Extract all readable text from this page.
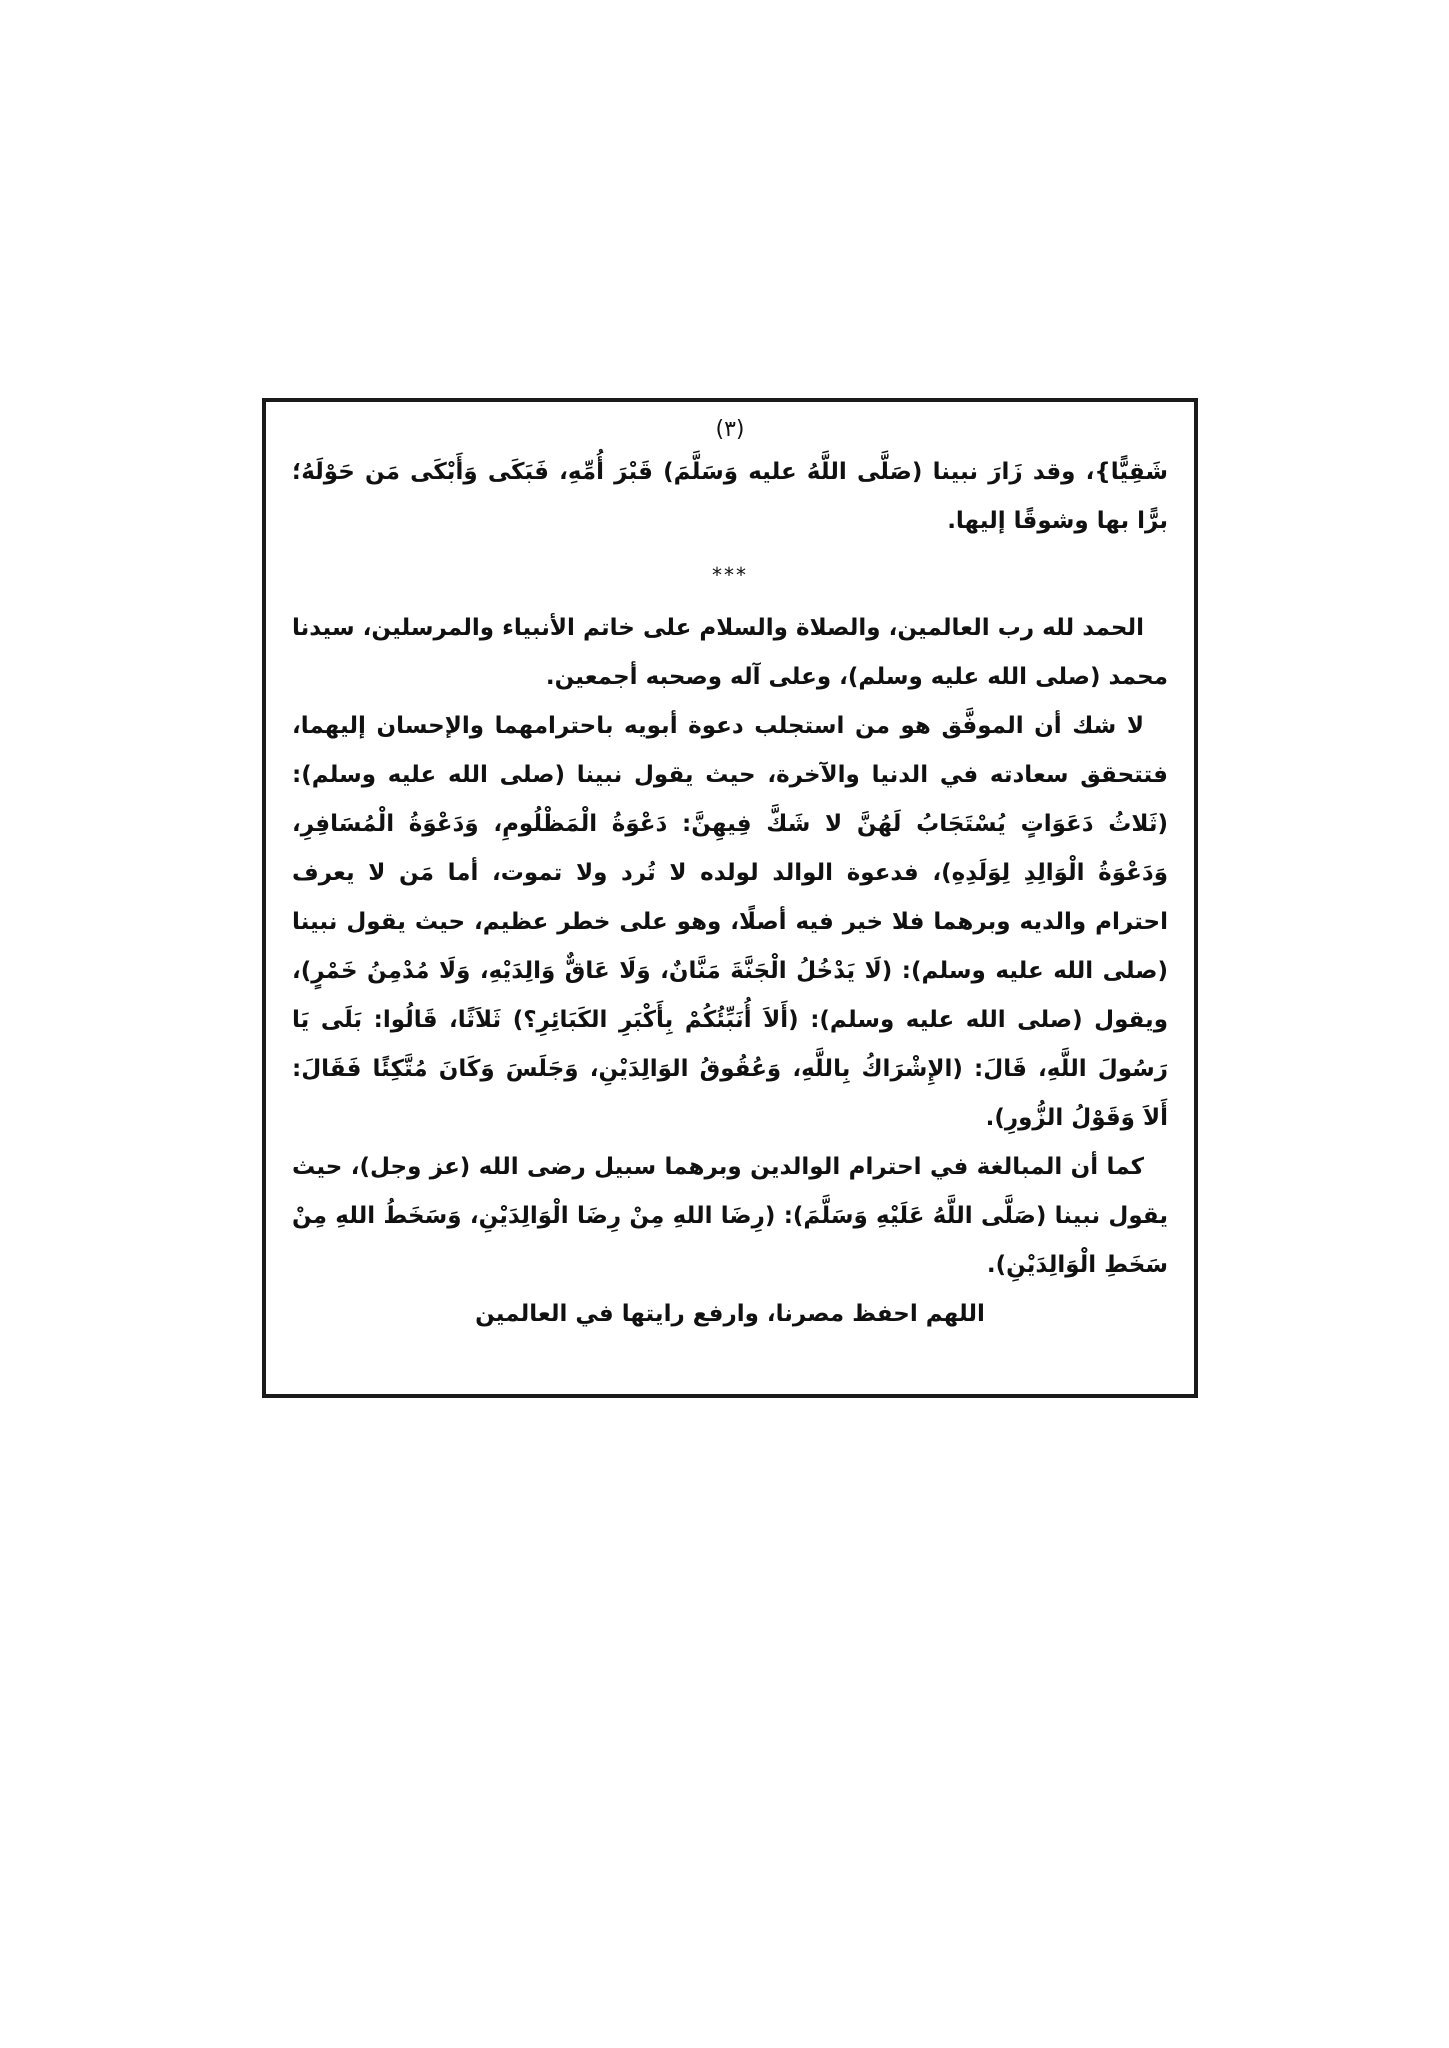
(٣)

شَقِيًّا}، وقد زَارَ نبينا (صَلَّى اللَّهُ عليه وَسَلَّمَ) قَبْرَ أُمِّهِ، فَبَكَى وَأَبْكَى مَن حَوْلَهُ؛ برًّا بها وشوقًا إليها.

***

الحمد لله رب العالمين، والصلاة والسلام على خاتم الأنبياء والمرسلين، سيدنا محمد (صلى الله عليه وسلم)، وعلى آله وصحبه أجمعين.

لا شك أن الموفَّق هو من استجلب دعوة أبويه باحترامهما والإحسان إليهما، فتتحقق سعادته في الدنيا والآخرة، حيث يقول نبينا (صلى الله عليه وسلم): (ثَلاثُ دَعَوَاتٍ يُسْتَجَابُ لَهُنَّ لا شَكَّ فِيهِنَّ: دَعْوَةُ الْمَظْلُومِ، وَدَعْوَةُ الْمُسَافِرِ، وَدَعْوَةُ الْوَالِدِ لِوَلَدِهِ)، فدعوة الوالد لولده لا تُرد ولا تموت، أما مَن لا يعرف احترام والديه وبرهما فلا خير فيه أصلًا، وهو على خطر عظيم، حيث يقول نبينا (صلى الله عليه وسلم): (لَا يَدْخُلُ الْجَنَّةَ مَنَّانٌ، وَلَا عَاقٌّ وَالِدَيْهِ، وَلَا مُدْمِنُ خَمْرٍ)، ويقول (صلى الله عليه وسلم): (أَلاَ أُنَبِّئُكُمْ بِأَكْبَرِ الكَبَائِرِ؟) ثَلاَثًا، قَالُوا: بَلَى يَا رَسُولَ اللَّهِ، قَالَ: (الإِشْرَاكُ بِاللَّهِ، وَعُقُوقُ الوَالِدَيْنِ، وَجَلَسَ وَكَانَ مُتَّكِئًا فَقَالَ: أَلاَ وَقَوْلُ الزُّورِ).

كما أن المبالغة في احترام الوالدين وبرهما سبيل رضى الله (عز وجل)، حيث يقول نبينا (صَلَّى اللَّهُ عَلَيْهِ وَسَلَّمَ): (رِضَا اللهِ مِنْ رِضَا الْوَالِدَيْنِ، وَسَخَطُ اللهِ مِنْ سَخَطِ الْوَالِدَيْنِ).

اللهم احفظ مصرنا، وارفع رايتها في العالمين
